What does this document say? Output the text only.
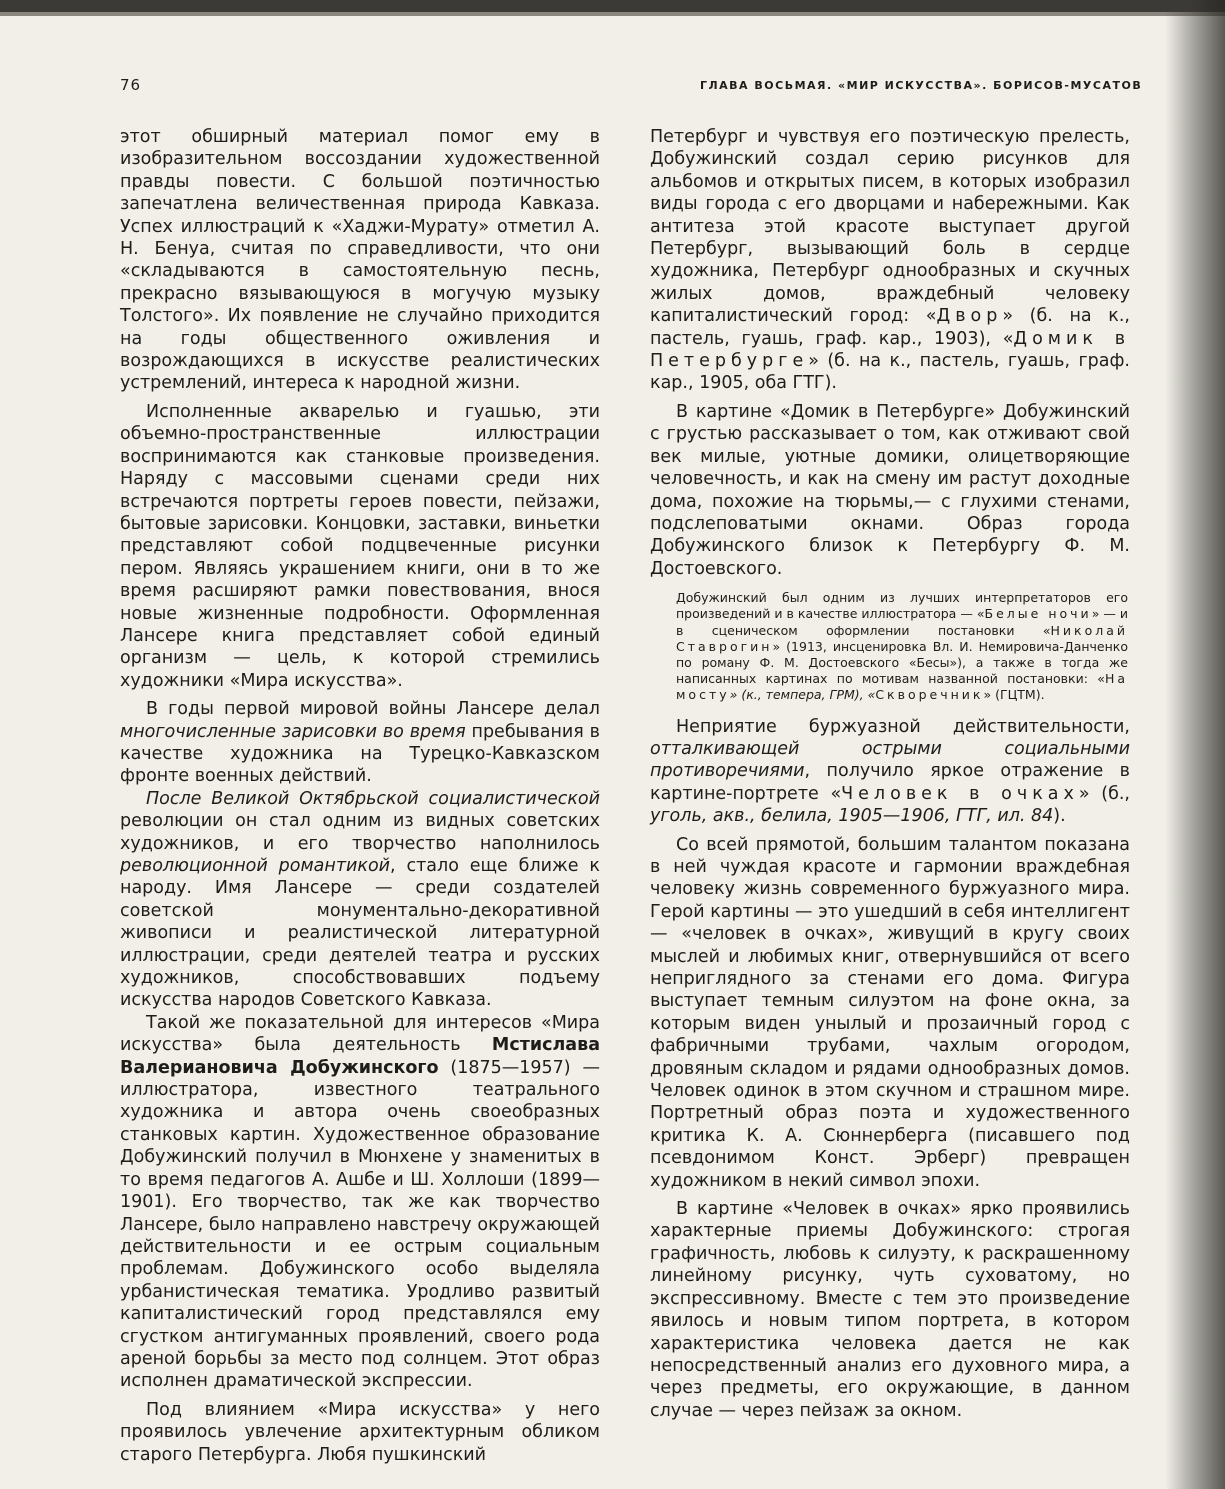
76	ГЛАВА ВОСЬМАЯ. «МИР ИСКУССТВА». БОРИСОВ-МУСАТОВ

этот обширный материал помог ему в изобразительном воссоздании художественной правды повести. С большой поэтичностью запечатлена величественная природа Кавказа. Успех иллюстраций к «Хаджи-Мурату» отметил А. Н. Бенуа, считая по справедливости, что они «складываются в самостоятельную песнь, прекрасно вязывающуюся в могучую музыку Толстого». Их появление не случайно приходится на годы общественного оживления и возрождающихся в искусстве реалистических устремлений, интереса к народной жизни.

Исполненные акварелью и гуашью, эти объемно-пространственные иллюстрации воспринимаются как станковые произведения. Наряду с массовыми сценами среди них встречаются портреты героев повести, пейзажи, бытовые зарисовки. Концовки, заставки, виньетки представляют собой подцвеченные рисунки пером. Являясь украшением книги, они в то же время расширяют рамки повествования, внося новые жизненные подробности. Оформленная Лансере книга представляет собой единый организм — цель, к которой стремились художники «Мира искусства».

В годы первой мировой войны Лансере делал многочисленные зарисовки во время пребывания в качестве художника на Турецко-Кавказском фронте военных действий.

После Великой Октябрьской социалистической революции он стал одним из видных советских художников, и его творчество наполнилось революционной романтикой, стало еще ближе к народу. Имя Лансере — среди создателей советской монументально-декоративной живописи и реалистической литературной иллюстрации, среди деятелей театра и русских художников, способствовавших подъему искусства народов Советского Кавказа.

Такой же показательной для интересов «Мира искусства» была деятельность Мстислава Валериановича Добужинского (1875—1957) — иллюстратора, известного театрального художника и автора очень своеобразных станковых картин. Художественное образование Добужинский получил в Мюнхене у знаменитых в то время педагогов А. Ашбе и Ш. Холлоши (1899—1901). Его творчество, так же как творчество Лансере, было направлено навстречу окружающей действительности и ее острым социальным проблемам. Добужинского особо выделяла урбанистическая тематика. Уродливо развитый капиталистический город представлялся ему сгустком антигуманных проявлений, своего рода ареной борьбы за место под солнцем. Этот образ исполнен драматической экспрессии.

Под влиянием «Мира искусства» у него проявилось увлечение архитектурным обликом старого Петербурга. Любя пушкинский

Петербург и чувствуя его поэтическую прелесть, Добужинский создал серию рисунков для альбомов и открытых писем, в которых изобразил виды города с его дворцами и набережными. Как антитеза этой красоте выступает другой Петербург, вызывающий боль в сердце художника, Петербург однообразных и скучных жилых домов, враждебный человеку капиталистический город: «Двор» (б. на к., пастель, гуашь, граф. кар., 1903), «Домик в Петербурге» (б. на к., пастель, гуашь, граф. кар., 1905, оба ГТГ).

В картине «Домик в Петербурге» Добужинский с грустью рассказывает о том, как отживают свой век милые, уютные домики, олицетворяющие человечность, и как на смену им растут доходные дома, похожие на тюрьмы,— с глухими стенами, подслеповатыми окнами. Образ города Добужинского близок к Петербургу Ф. М. Достоевского.

Добужинский был одним из лучших интерпретаторов его произведений и в качестве иллюстратора — «Белые ночи» — и в сценическом оформлении постановки «Николай Ставрогин» (1913, инсценировка Вл. И. Немировича-Данченко по роману Ф. М. Достоевского «Бесы»), а также в тогда же написанных картинах по мотивам названной постановки: «На мосту» (к., темпера, ГРМ), «Скворечник» (ГЦТМ).

Неприятие буржуазной действительности, отталкивающей острыми социальными противоречиями, получило яркое отражение в картине-портрете «Человек в очках» (б., уголь, акв., белила, 1905—1906, ГТГ, ил. 84).

Со всей прямотой, большим талантом показана в ней чуждая красоте и гармонии враждебная человеку жизнь современного буржуазного мира. Герой картины — это ушедший в себя интеллигент — «человек в очках», живущий в кругу своих мыслей и любимых книг, отвернувшийся от всего неприглядного за стенами его дома. Фигура выступает темным силуэтом на фоне окна, за которым виден унылый и прозаичный город с фабричными трубами, чахлым огородом, дровяным складом и рядами однообразных домов. Человек одинок в этом скучном и страшном мире. Портретный образ поэта и художественного критика К. А. Сюннерберга (писавшего под псевдонимом Конст. Эрберг) превращен художником в некий символ эпохи.

В картине «Человек в очках» ярко проявились характерные приемы Добужинского: строгая графичность, любовь к силуэту, к раскрашенному линейному рисунку, чуть суховатому, но экспрессивному. Вместе с тем это произведение явилось и новым типом портрета, в котором характеристика человека дается не как непосредственный анализ его духовного мира, а через предметы, его окружающие, в данном случае — через пейзаж за окном.
